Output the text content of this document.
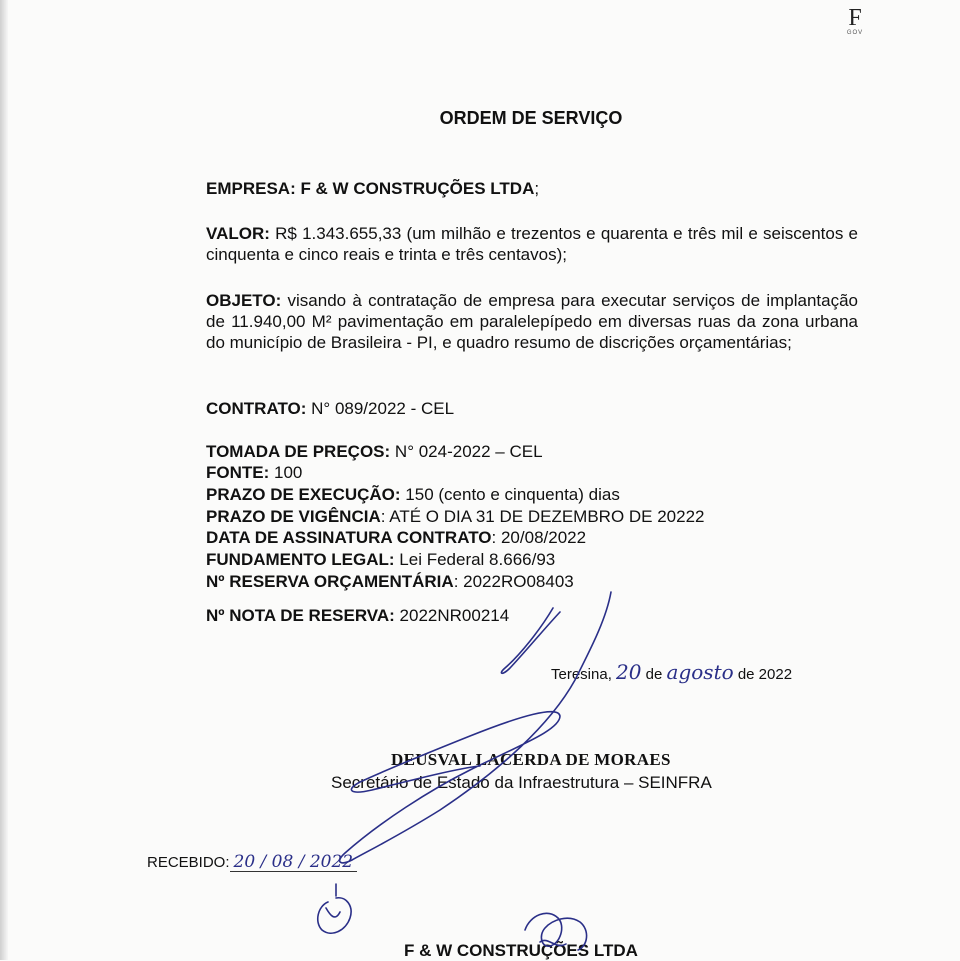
F
GOV
ORDEM DE SERVIÇO
EMPRESA: F & W CONSTRUÇÕES LTDA;
VALOR: R$ 1.343.655,33 (um milhão e trezentos e quarenta e três mil e seiscentos e cinquenta e cinco reais e trinta e três centavos);
OBJETO: visando à contratação de empresa para executar serviços de implantação de 11.940,00 M² pavimentação em paralelepípedo em diversas ruas da zona urbana do município de Brasileira - PI, e quadro resumo de discrições orçamentárias;
CONTRATO: N° 089/2022 - CEL
TOMADA DE PREÇOS: N° 024-2022 – CEL
FONTE: 100
PRAZO DE EXECUÇÃO: 150 (cento e cinquenta) dias
PRAZO DE VIGÊNCIA: ATÉ O DIA 31 DE DEZEMBRO DE 20222
DATA DE ASSINATURA CONTRATO: 20/08/2022
FUNDAMENTO LEGAL: Lei Federal 8.666/93
Nº RESERVA ORÇAMENTÁRIA: 2022RO08403
Nº NOTA DE RESERVA: 2022NR00214
Teresina, 20 de agosto de 2022
DEUSVAL LACERDA DE MORAES
Secretário de Estado da Infraestrutura – SEINFRA
RECEBIDO: 20 / 08 / 2022
F & W CONSTRUÇÕES LTDA
